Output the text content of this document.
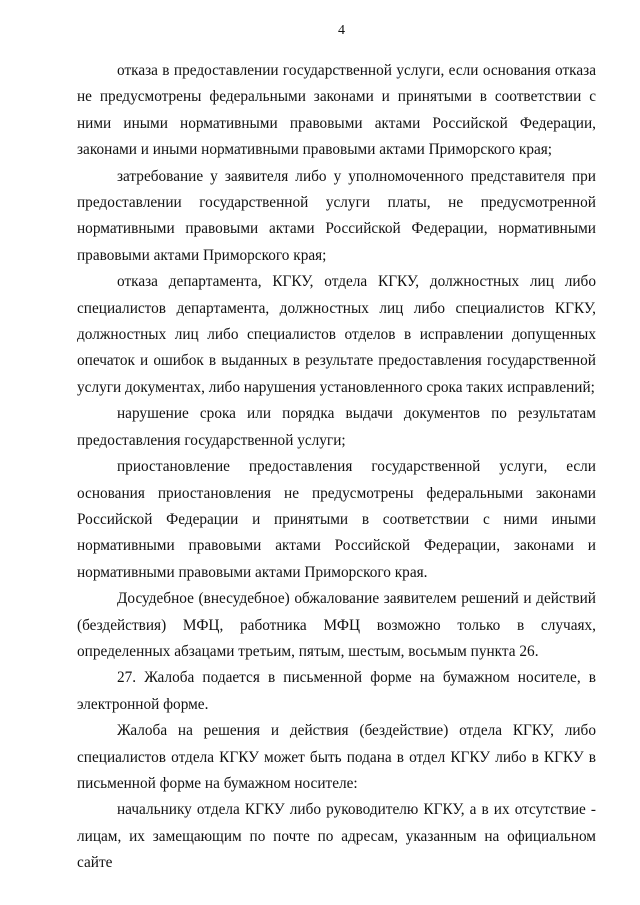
4

отказа в предоставлении государственной услуги, если основания отказа не предусмотрены федеральными законами и принятыми в соответствии с ними иными нормативными правовыми актами Российской Федерации, законами и иными нормативными правовыми актами Приморского края;

затребование у заявителя либо у уполномоченного представителя при предоставлении государственной услуги платы, не предусмотренной нормативными правовыми актами Российской Федерации, нормативными правовыми актами Приморского края;

отказа департамента, КГКУ, отдела КГКУ, должностных лиц либо специалистов департамента, должностных лиц либо специалистов КГКУ, должностных лиц либо специалистов отделов в исправлении допущенных опечаток и ошибок в выданных в результате предоставления государственной услуги документах, либо нарушения установленного срока таких исправлений;

нарушение срока или порядка выдачи документов по результатам предоставления государственной услуги;

приостановление предоставления государственной услуги, если основания приостановления не предусмотрены федеральными законами Российской Федерации и принятыми в соответствии с ними иными нормативными правовыми актами Российской Федерации, законами и нормативными правовыми актами Приморского края.

Досудебное (внесудебное) обжалование заявителем решений и действий (бездействия) МФЦ, работника МФЦ возможно только в случаях, определенных абзацами третьим, пятым, шестым, восьмым пункта 26.

27. Жалоба подается в письменной форме на бумажном носителе, в электронной форме.

Жалоба на решения и действия (бездействие) отдела КГКУ, либо специалистов отдела КГКУ может быть подана в отдел КГКУ либо в КГКУ в письменной форме на бумажном носителе:

начальнику отдела КГКУ либо руководителю КГКУ, а в их отсутствие - лицам, их замещающим по почте по адресам, указанным на официальном сайте
